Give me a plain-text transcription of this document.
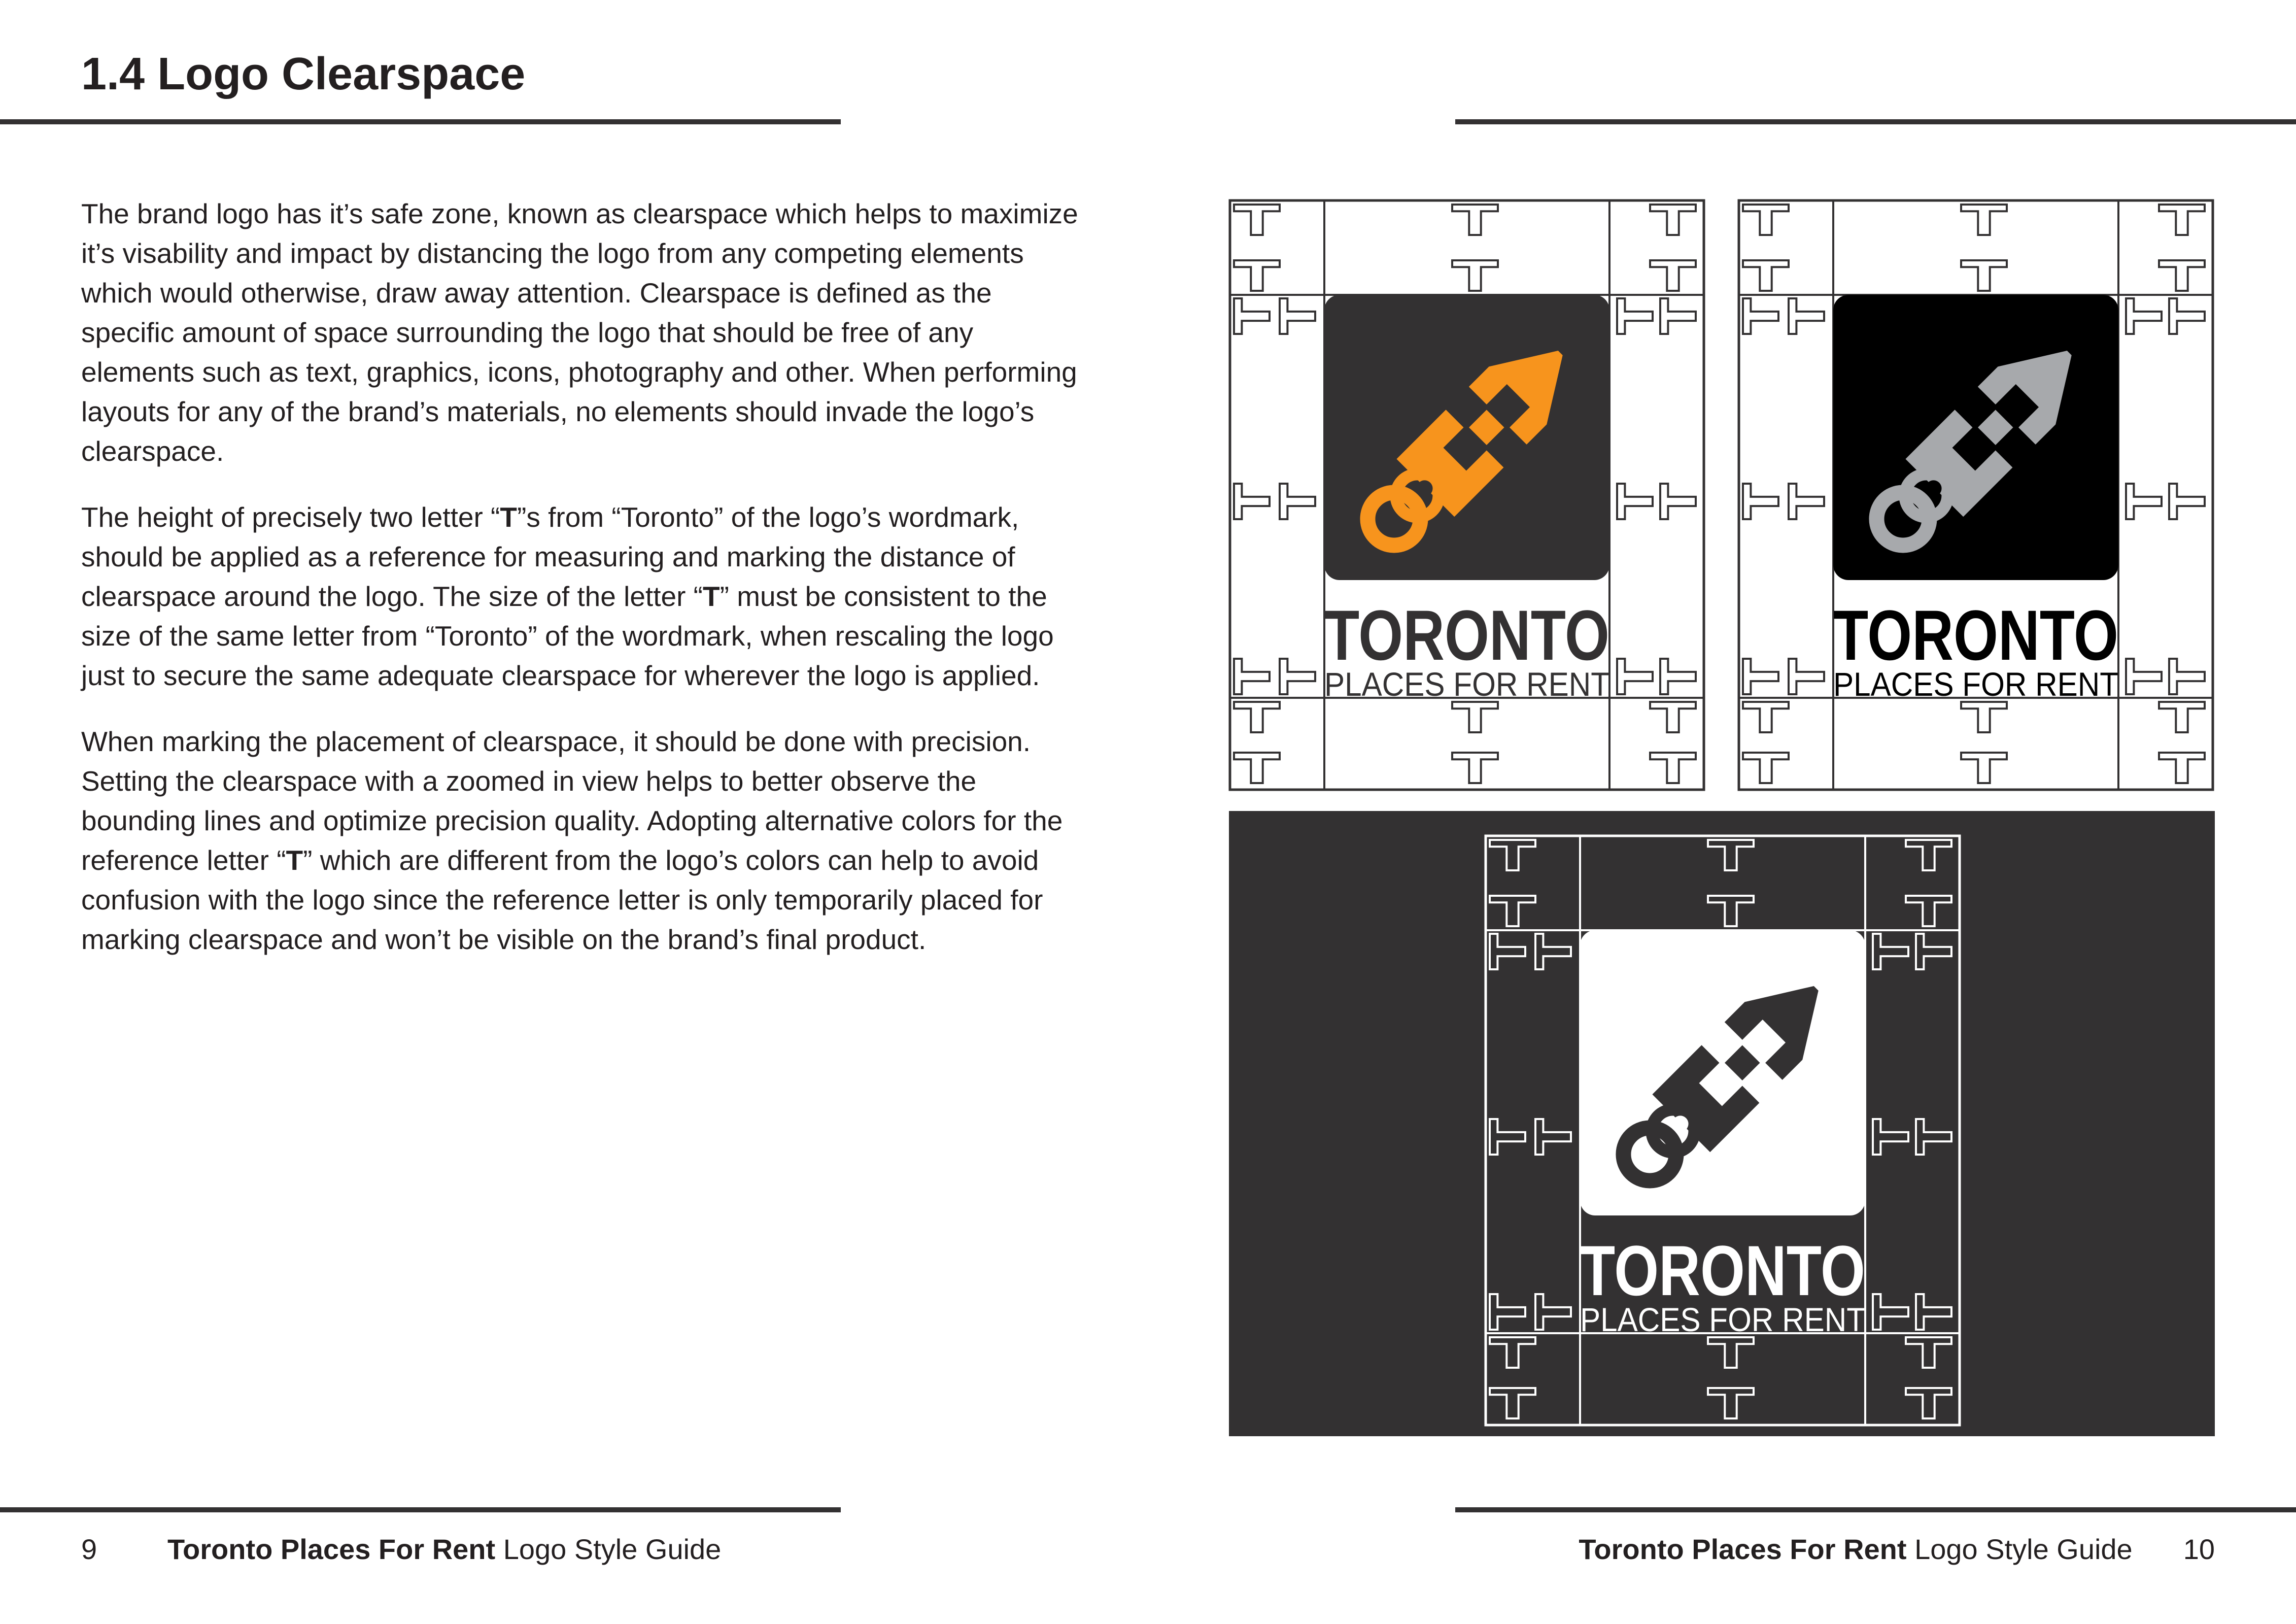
1.4 Logo Clearspace

The brand logo has it’s safe zone, known as clearspace which helps to maximize it’s visability and impact by distancing the logo from any competing elements which would otherwise, draw away attention. Clearspace is defined as the specific amount of space surrounding the logo that should be free of any elements such as text, graphics, icons, photography and other. When performing layouts for any of the brand’s materials, no elements should invade the logo’s clearspace.

The height of precisely two letter “T”s from “Toronto” of the logo’s wordmark, should be applied as a reference for measuring and marking the distance of clearspace around the logo. The size of the letter “T” must be consistent to the size of the same letter from “Toronto” of the wordmark, when rescaling the logo just to secure the same adequate clearspace for wherever the logo is applied.

When marking the placement of clearspace, it should be done with precision. Setting the clearspace with a zoomed in view helps to better observe the bounding lines and optimize precision quality. Adopting alternative colors for the reference letter “T” which are different from the logo’s colors can help to avoid confusion with the logo since the reference letter is only temporarily placed for marking clearspace and won’t be visible on the brand’s final product.

TORONTO
PLACES FOR RENT
TORONTO
PLACES FOR RENT
TORONTO
PLACES FOR RENT
9 Toronto Places For Rent Logo Style Guide	Toronto Places For Rent Logo Style Guide 10
